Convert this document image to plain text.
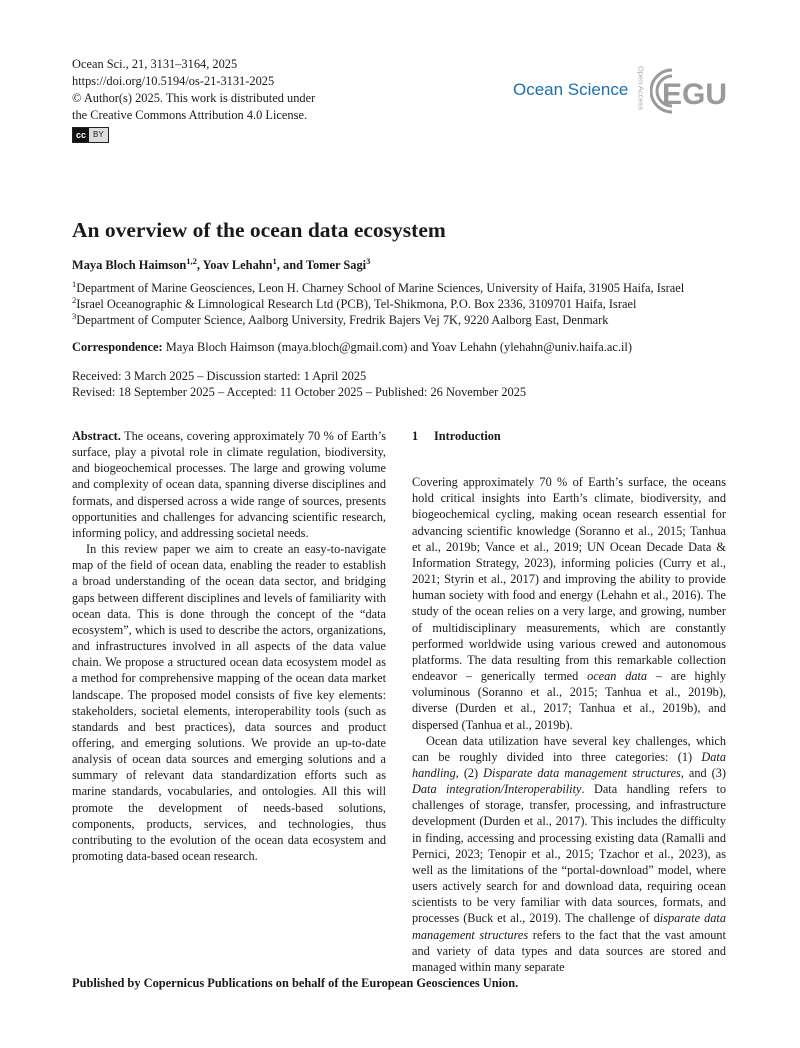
Ocean Sci., 21, 3131–3164, 2025
https://doi.org/10.5194/os-21-3131-2025
© Author(s) 2025. This work is distributed under
the Creative Commons Attribution 4.0 License.
cc BY
Ocean Science Open Access EGU
An overview of the ocean data ecosystem
Maya Bloch Haimson$^{1,2}$, Yoav Lehahn$^1$, and Tomer Sagi$^3$
$^1$Department of Marine Geosciences, Leon H. Charney School of Marine Sciences, University of Haifa, 31905 Haifa, Israel
$^2$Israel Oceanographic & Limnological Research Ltd (PCB), Tel-Shikmona, P.O. Box 2336, 3109701 Haifa, Israel
$^3$Department of Computer Science, Aalborg University, Fredrik Bajers Vej 7K, 9220 Aalborg East, Denmark
Correspondence: Maya Bloch Haimson (maya.bloch@gmail.com) and Yoav Lehahn (ylehahn@univ.haifa.ac.il)
Received: 3 March 2025 – Discussion started: 1 April 2025
Revised: 18 September 2025 – Accepted: 11 October 2025 – Published: 26 November 2025

Abstract. The oceans, covering approximately 70 % of Earth’s surface, play a pivotal role in climate regulation, biodiversity, and biogeochemical processes. The large and growing volume and complexity of ocean data, spanning diverse disciplines and formats, and dispersed across a wide range of sources, presents opportunities and challenges for advancing scientific research, informing policy, and addressing societal needs.

In this review paper we aim to create an easy-to-navigate map of the field of ocean data, enabling the reader to establish a broad understanding of the ocean data sector, and bridging gaps between different disciplines and levels of familiarity with ocean data. This is done through the concept of the “data ecosystem”, which is used to describe the actors, organizations, and infrastructures involved in all aspects of the data value chain. We propose a structured ocean data ecosystem model as a method for comprehensive mapping of the ocean data market landscape. The proposed model consists of five key elements: stakeholders, societal elements, interoperability tools (such as standards and best practices), data sources and product offering, and emerging solutions. We provide an up-to-date analysis of ocean data sources and emerging solutions and a summary of relevant data standardization efforts such as marine standards, vocabularies, and ontologies. All this will promote the development of needs-based solutions, components, products, services, and technologies, thus contributing to the evolution of the ocean data ecosystem and promoting data-based ocean research.

1 Introduction

Covering approximately 70 % of Earth’s surface, the oceans hold critical insights into Earth’s climate, biodiversity, and biogeochemical cycling, making ocean research essential for advancing scientific knowledge (Soranno et al., 2015; Tanhua et al., 2019b; Vance et al., 2019; UN Ocean Decade Data & Information Strategy, 2023), informing policies (Curry et al., 2021; Styrin et al., 2017) and improving the ability to provide human society with food and energy (Lehahn et al., 2016). The study of the ocean relies on a very large, and growing, number of multidisciplinary measurements, which are constantly performed worldwide using various crewed and autonomous platforms. The data resulting from this remarkable collection endeavor – generically termed ocean data – are highly voluminous (Soranno et al., 2015; Tanhua et al., 2019b), diverse (Durden et al., 2017; Tanhua et al., 2019b), and dispersed (Tanhua et al., 2019b).

Ocean data utilization have several key challenges, which can be roughly divided into three categories: (1) Data handling, (2) Disparate data management structures, and (3) Data integration/Interoperability. Data handling refers to challenges of storage, transfer, processing, and infrastructure development (Durden et al., 2017). This includes the difficulty in finding, accessing and processing existing data (Ramalli and Pernici, 2023; Tenopir et al., 2015; Tzachor et al., 2023), as well as the limitations of the “portal-download” model, where users actively search for and download data, requiring ocean scientists to be very familiar with data sources, formats, and processes (Buck et al., 2019). The challenge of disparate data management structures refers to the fact that the vast amount and variety of data types and data sources are stored and managed within many separate

Published by Copernicus Publications on behalf of the European Geosciences Union.
